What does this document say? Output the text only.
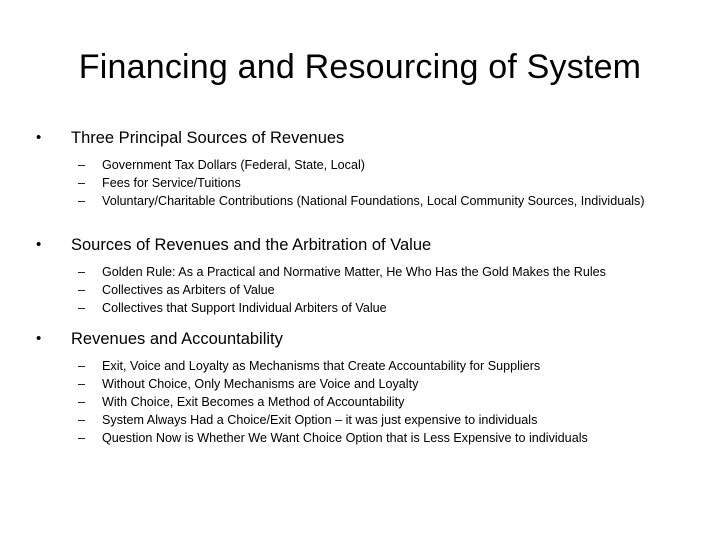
Financing and Resourcing of System
•	Three Principal Sources of Revenues
–	Government Tax Dollars (Federal, State, Local)
–	Fees for Service/Tuitions
–	Voluntary/Charitable Contributions (National Foundations, Local Community Sources, Individuals)
•	Sources of Revenues and the Arbitration of Value
–	Golden Rule: As a Practical and Normative Matter, He Who Has the Gold Makes the Rules
–	Collectives as Arbiters of Value
–	Collectives that Support Individual Arbiters of Value
•	Revenues and Accountability
–	Exit, Voice and Loyalty as Mechanisms that Create Accountability for Suppliers
–	Without Choice, Only Mechanisms are Voice and Loyalty
–	With Choice, Exit Becomes a Method of Accountability
–	System Always Had a Choice/Exit Option – it was just expensive to individuals
–	Question Now is Whether We Want Choice Option that is Less Expensive to individuals
